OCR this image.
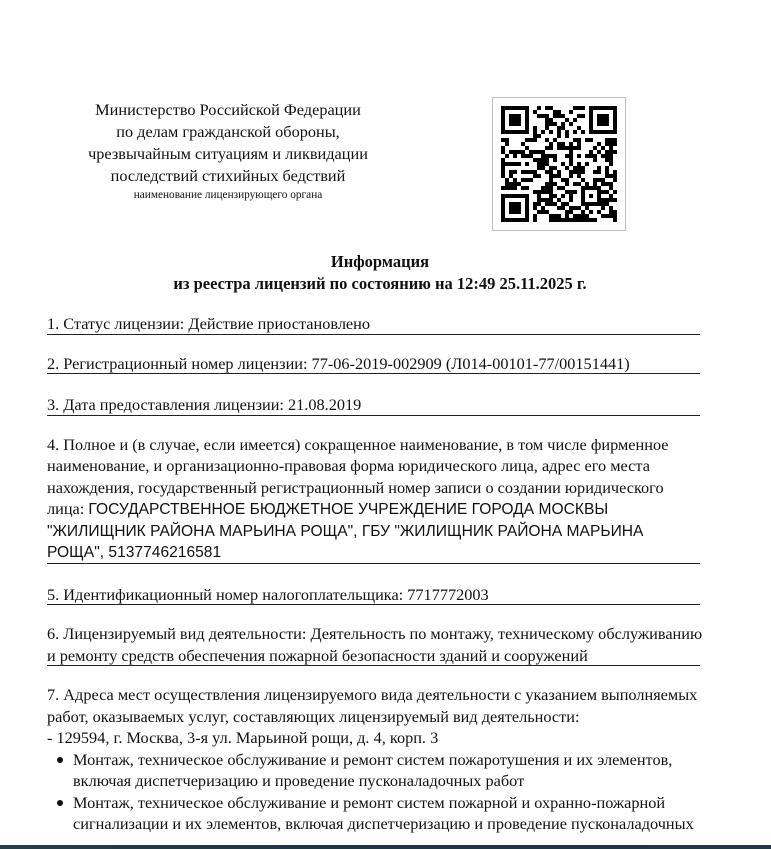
Министерство Российской Федерации
по делам гражданской обороны,
чрезвычайным ситуациям и ликвидации
последствий стихийных бедствий
наименование лицензирующего органа
Информация
из реестра лицензий по состоянию на 12:49 25.11.2025 г.
1. Статус лицензии: Действие приостановлено
2. Регистрационный номер лицензии: 77-06-2019-002909 (Л014-00101-77/00151441)
3. Дата предоставления лицензии: 21.08.2019
4. Полное и (в случае, если имеется) сокращенное наименование, в том числе фирменное
наименование, и организационно-правовая форма юридического лица, адрес его места
нахождения, государственный регистрационный номер записи о создании юридического
лица: ГОСУДАРСТВЕННОЕ БЮДЖЕТНОЕ УЧРЕЖДЕНИЕ ГОРОДА МОСКВЫ
"ЖИЛИЩНИК РАЙОНА МАРЬИНА РОЩА", ГБУ "ЖИЛИЩНИК РАЙОНА МАРЬИНА
РОЩА", 5137746216581
5. Идентификационный номер налогоплательщика: 7717772003
6. Лицензируемый вид деятельности: Деятельность по монтажу, техническому обслуживанию
и ремонту средств обеспечения пожарной безопасности зданий и сооружений
7. Адреса мест осуществления лицензируемого вида деятельности с указанием выполняемых
работ, оказываемых услуг, составляющих лицензируемый вид деятельности:
- 129594, г. Москва, 3-я ул. Марьиной рощи, д. 4, корп. 3
Монтаж, техническое обслуживание и ремонт систем пожаротушения и их элементов,
включая диспетчеризацию и проведение пусконаладочных работ
Монтаж, техническое обслуживание и ремонт систем пожарной и охранно-пожарной
сигнализации и их элементов, включая диспетчеризацию и проведение пусконаладочных
